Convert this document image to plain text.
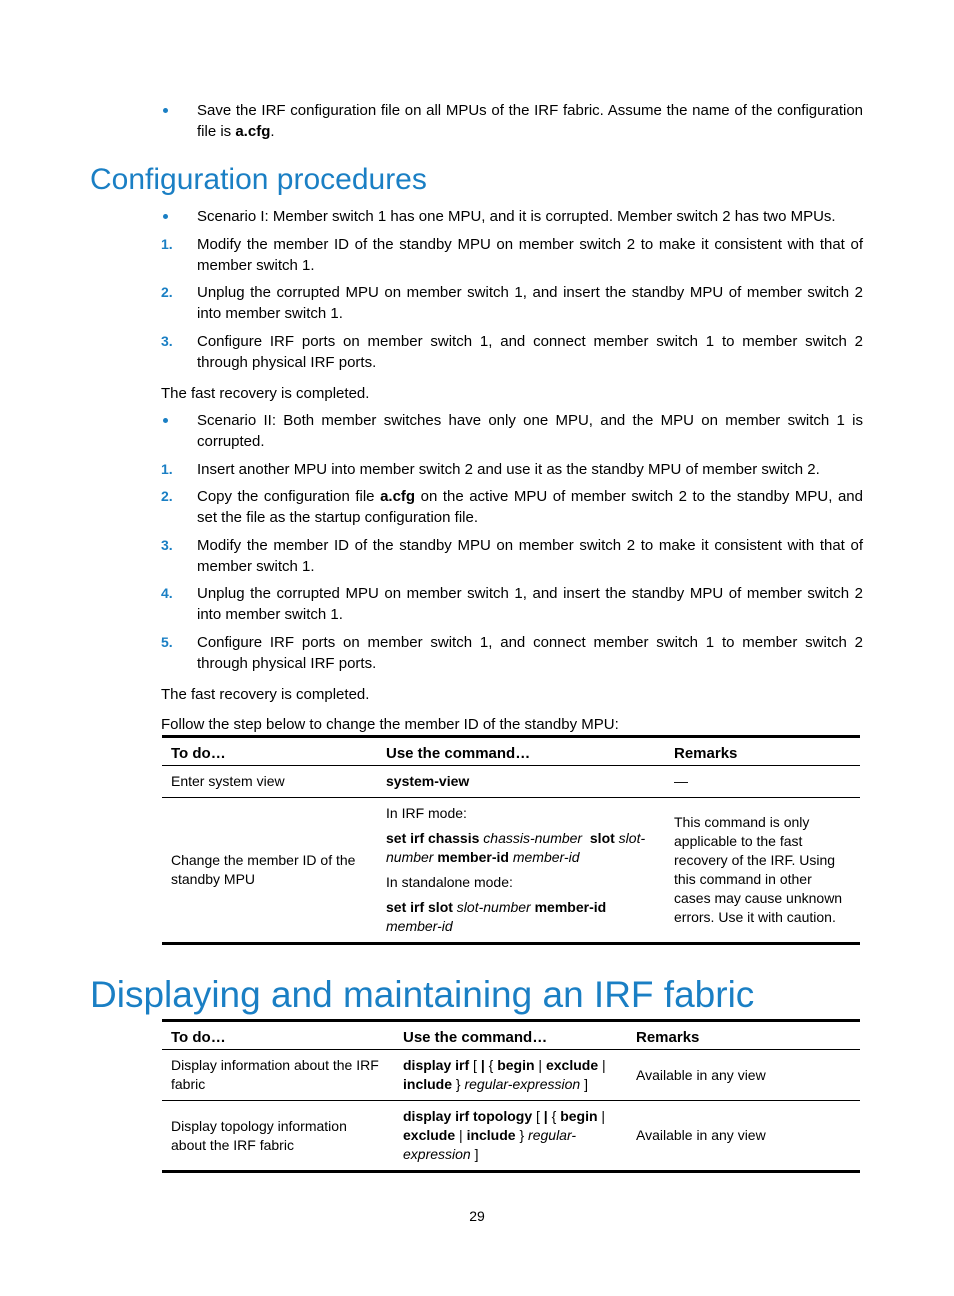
Save the IRF configuration file on all MPUs of the IRF fabric. Assume the name of the configuration file is a.cfg.
Configuration procedures
Scenario I: Member switch 1 has one MPU, and it is corrupted. Member switch 2 has two MPUs.
1.	Modify the member ID of the standby MPU on member switch 2 to make it consistent with that of member switch 1.
2.	Unplug the corrupted MPU on member switch 1, and insert the standby MPU of member switch 2 into member switch 1.
3.	Configure IRF ports on member switch 1, and connect member switch 1 to member switch 2 through physical IRF ports.
The fast recovery is completed.
Scenario II: Both member switches have only one MPU, and the MPU on member switch 1 is corrupted.
1.	Insert another MPU into member switch 2 and use it as the standby MPU of member switch 2.
2.	Copy the configuration file a.cfg on the active MPU of member switch 2 to the standby MPU, and set the file as the startup configuration file.
3.	Modify the member ID of the standby MPU on member switch 2 to make it consistent with that of member switch 1.
4.	Unplug the corrupted MPU on member switch 1, and insert the standby MPU of member switch 2 into member switch 1.
5.	Configure IRF ports on member switch 1, and connect member switch 1 to member switch 2 through physical IRF ports.
The fast recovery is completed.
Follow the step below to change the member ID of the standby MPU:
To do…	Use the command…	Remarks
Enter system view	system-view	—
Change the member ID of the standby MPU	In IRF mode:
set irf chassis chassis-number slot slot-number member-id member-id
In standalone mode:
set irf slot slot-number member-id member-id	This command is only applicable to the fast recovery of the IRF. Using this command in other cases may cause unknown errors. Use it with caution.
Displaying and maintaining an IRF fabric
To do…	Use the command…	Remarks
Display information about the IRF fabric	display irf [ | { begin | exclude | include } regular-expression ]	Available in any view
Display topology information about the IRF fabric	display irf topology [ | { begin | exclude | include } regular-expression ]	Available in any view
29
